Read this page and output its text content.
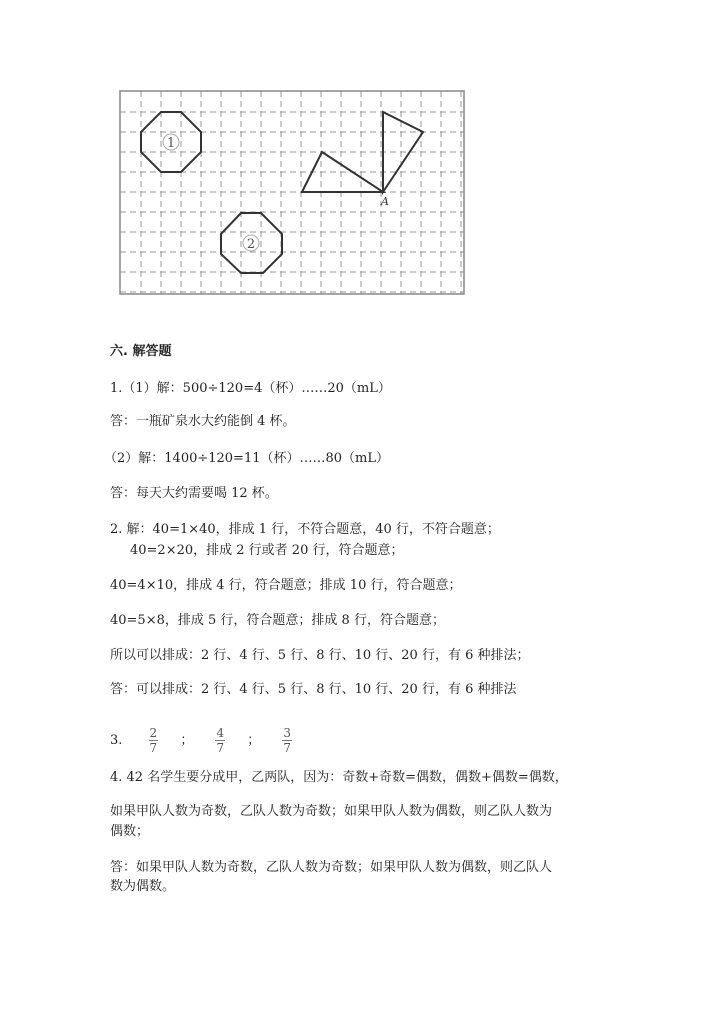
1
2
A
六. 解答题
1.（1）解：500÷120=4（杯）……20（mL）
答：一瓶矿泉水大约能倒 4 杯。
（2）解：1400÷120=11（杯）……80（mL）
答：每天大约需要喝 12 杯。
2. 解：40=1×40，排成 1 行，不符合题意，40 行，不符合题意；
40=2×20，排成 2 行或者 20 行，符合题意；
40=4×10，排成 4 行，符合题意；排成 10 行，符合题意；
40=5×8，排成 5 行，符合题意；排成 8 行，符合题意；
所以可以排成：2 行、4 行、5 行、8 行、10 行、20 行，有 6 种排法；
答：可以排成：2 行、4 行、5 行、8 行、10 行、20 行，有 6 种排法
3. $\frac{2}{7}$ ； $\frac{4}{7}$ ； $\frac{3}{7}$
4. 42 名学生要分成甲，乙两队，因为：奇数+奇数=偶数，偶数+偶数=偶数，
如果甲队人数为奇数，乙队人数为奇数；如果甲队人数为偶数，则乙队人数为
偶数；
答：如果甲队人数为奇数，乙队人数为奇数；如果甲队人数为偶数，则乙队人
数为偶数。
